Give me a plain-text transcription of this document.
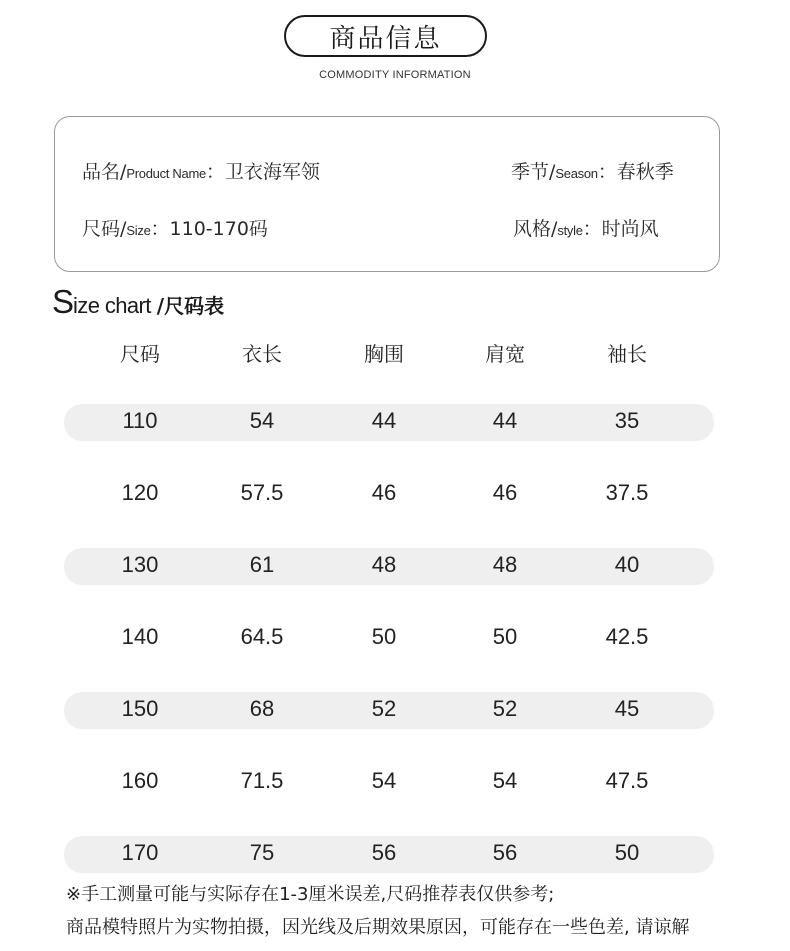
商品信息
COMMODITY INFORMATION
品名/ Product Name ： 卫衣海军领	季节/ Season ： 春秋季
尺码/ Size ： 110-170码	风格/ style ： 时尚风
S ize chart /尺码表
尺码	衣长	胸围	肩宽	袖长
110	54	44	44	35
120	57.5	46	46	37.5
130	61	48	48	40
140	64.5	50	50	42.5
150	68	52	52	45
160	71.5	54	54	47.5
170	75	56	56	50
※手工测量可能与实际存在1-3厘米误差,尺码推荐表仅供参考;
商品模特照片为实物拍摄，因光线及后期效果原因，可能存在一些色差, 请谅解
